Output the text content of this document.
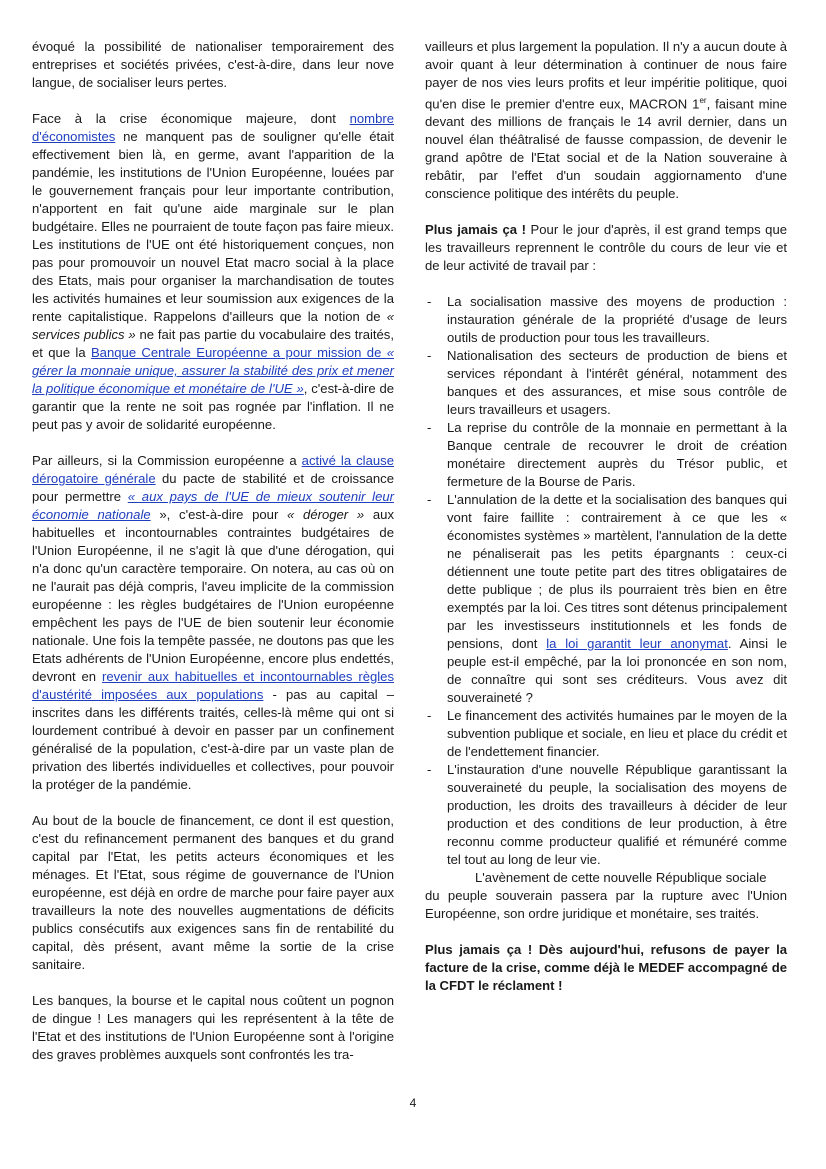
évoqué la possibilité de nationaliser temporairement des entreprises et sociétés privées, c'est-à-dire, dans leur nove langue, de socialiser leurs pertes.

Face à la crise économique majeure, dont nombre d'économistes ne manquent pas de souligner qu'elle était effectivement bien là, en germe, avant l'apparition de la pandémie, les institutions de l'Union Européenne, louées par le gouvernement français pour leur importante contribution, n'apportent en fait qu'une aide marginale sur le plan budgétaire. Elles ne pourraient de toute façon pas faire mieux. Les institutions de l'UE ont été historiquement conçues, non pas pour promouvoir un nouvel Etat macro social à la place des Etats, mais pour organiser la marchandisation de toutes les activités humaines et leur soumission aux exigences de la rente capitalistique. Rappelons d'ailleurs que la notion de « services publics » ne fait pas partie du vocabulaire des traités, et que la Banque Centrale Européenne a pour mission de « gérer la monnaie unique, assurer la stabilité des prix et mener la politique économique et monétaire de l'UE », c'est-à-dire de garantir que la rente ne soit pas rognée par l'inflation. Il ne peut pas y avoir de solidarité européenne.

Par ailleurs, si la Commission européenne a activé la clause dérogatoire générale du pacte de stabilité et de croissance pour permettre « aux pays de l'UE de mieux soutenir leur économie nationale », c'est-à-dire pour « déroger » aux habituelles et incontournables contraintes budgétaires de l'Union Européenne, il ne s'agit là que d'une dérogation, qui n'a donc qu'un caractère temporaire. On notera, au cas où on ne l'aurait pas déjà compris, l'aveu implicite de la commission européenne : les règles budgétaires de l'Union européenne empêchent les pays de l'UE de bien soutenir leur économie nationale. Une fois la tempête passée, ne doutons pas que les Etats adhérents de l'Union Européenne, encore plus endettés, devront en revenir aux habituelles et incontournables règles d'austérité imposées aux populations - pas au capital – inscrites dans les différents traités, celles-là même qui ont si lourdement contribué à devoir en passer par un confinement généralisé de la population, c'est-à-dire par un vaste plan de privation des libertés individuelles et collectives, pour pouvoir la protéger de la pandémie.

Au bout de la boucle de financement, ce dont il est question, c'est du refinancement permanent des banques et du grand capital par l'Etat, les petits acteurs économiques et les ménages. Et l'Etat, sous régime de gouvernance de l'Union européenne, est déjà en ordre de marche pour faire payer aux travailleurs la note des nouvelles augmentations de déficits publics consécutifs aux exigences sans fin de rentabilité du capital, dès présent, avant même la sortie de la crise sanitaire.

Les banques, la bourse et le capital nous coûtent un pognon de dingue ! Les managers qui les représentent à la tête de l'Etat et des institutions de l'Union Européenne sont à l'origine des graves problèmes auxquels sont confrontés les tra-

vailleurs et plus largement la population. Il n'y a aucun doute à avoir quant à leur détermination à continuer de nous faire payer de nos vies leurs profits et leur impéritie politique, quoi qu'en dise le premier d'entre eux, MACRON 1er, faisant mine devant des millions de français le 14 avril dernier, dans un nouvel élan théâtralisé de fausse compassion, de devenir le grand apôtre de l'Etat social et de la Nation souveraine à rebâtir, par l'effet d'un soudain aggiornamento d'une conscience politique des intérêts du peuple.

Plus jamais ça ! Pour le jour d'après, il est grand temps que les travailleurs reprennent le contrôle du cours de leur vie et de leur activité de travail par :

- La socialisation massive des moyens de production : instauration générale de la propriété d'usage de leurs outils de production pour tous les travailleurs.
- Nationalisation des secteurs de production de biens et services répondant à l'intérêt général, notamment des banques et des assurances, et mise sous contrôle de leurs travailleurs et usagers.
- La reprise du contrôle de la monnaie en permettant à la Banque centrale de recouvrer le droit de création monétaire directement auprès du Trésor public, et fermeture de la Bourse de Paris.
- L'annulation de la dette et la socialisation des banques qui vont faire faillite : contrairement à ce que les « économistes systèmes » martèlent, l'annulation de la dette ne pénaliserait pas les petits épargnants : ceux-ci détiennent une toute petite part des titres obligataires de dette publique ; de plus ils pourraient très bien en être exemptés par la loi. Ces titres sont détenus principalement par les investisseurs institutionnels et les fonds de pensions, dont la loi garantit leur anonymat. Ainsi le peuple est-il empêché, par la loi prononcée en son nom, de connaître qui sont ses créditeurs. Vous avez dit souveraineté ?
- Le financement des activités humaines par le moyen de la subvention publique et sociale, en lieu et place du crédit et de l'endettement financier.
- L'instauration d'une nouvelle République garantissant la souveraineté du peuple, la socialisation des moyens de production, les droits des travailleurs à décider de leur production et des conditions de leur production, à être reconnu comme producteur qualifié et rémunéré comme tel tout au long de leur vie.
L'avènement de cette nouvelle République sociale

du peuple souverain passera par la rupture avec l'Union Européenne, son ordre juridique et monétaire, ses traités.

Plus jamais ça ! Dès aujourd'hui, refusons de payer la facture de la crise, comme déjà le MEDEF accompagné de la CFDT le réclament !

4
